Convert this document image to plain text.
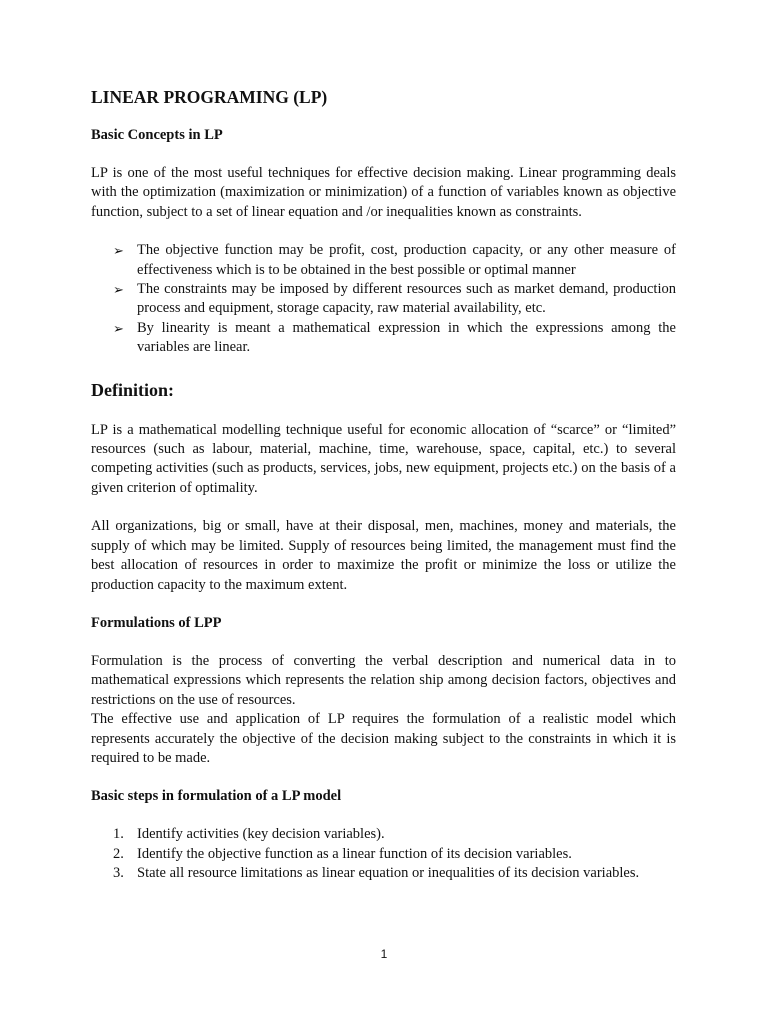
LINEAR PROGRAMING (LP)

Basic Concepts in LP

LP is one of the most useful techniques for effective decision making. Linear programming deals with the optimization (maximization or minimization) of a function of variables known as objective function, subject to a set of linear equation and /or inequalities known as constraints.

➢ The objective function may be profit, cost, production capacity, or any other measure of effectiveness which is to be obtained in the best possible or optimal manner
➢ The constraints may be imposed by different resources such as market demand, production process and equipment, storage capacity, raw material availability, etc.
➢ By linearity is meant a mathematical expression in which the expressions among the variables are linear.

Definition:

LP is a mathematical modelling technique useful for economic allocation of “scarce” or “limited” resources (such as labour, material, machine, time, warehouse, space, capital, etc.) to several competing activities (such as products, services, jobs, new equipment, projects etc.) on the basis of a given criterion of optimality.

All organizations, big or small, have at their disposal, men, machines, money and materials, the supply of which may be limited. Supply of resources being limited, the management must find the best allocation of resources in order to maximize the profit or minimize the loss or utilize the production capacity to the maximum extent.

Formulations of LPP

Formulation is the process of converting the verbal description and numerical data in to mathematical expressions which represents the relation ship among decision factors, objectives and restrictions on the use of resources.

The effective use and application of LP requires the formulation of a realistic model which represents accurately the objective of the decision making subject to the constraints in which it is required to be made.

Basic steps in formulation of a LP model

1. Identify activities (key decision variables).
2. Identify the objective function as a linear function of its decision variables.
3. State all resource limitations as linear equation or inequalities of its decision variables.
1
